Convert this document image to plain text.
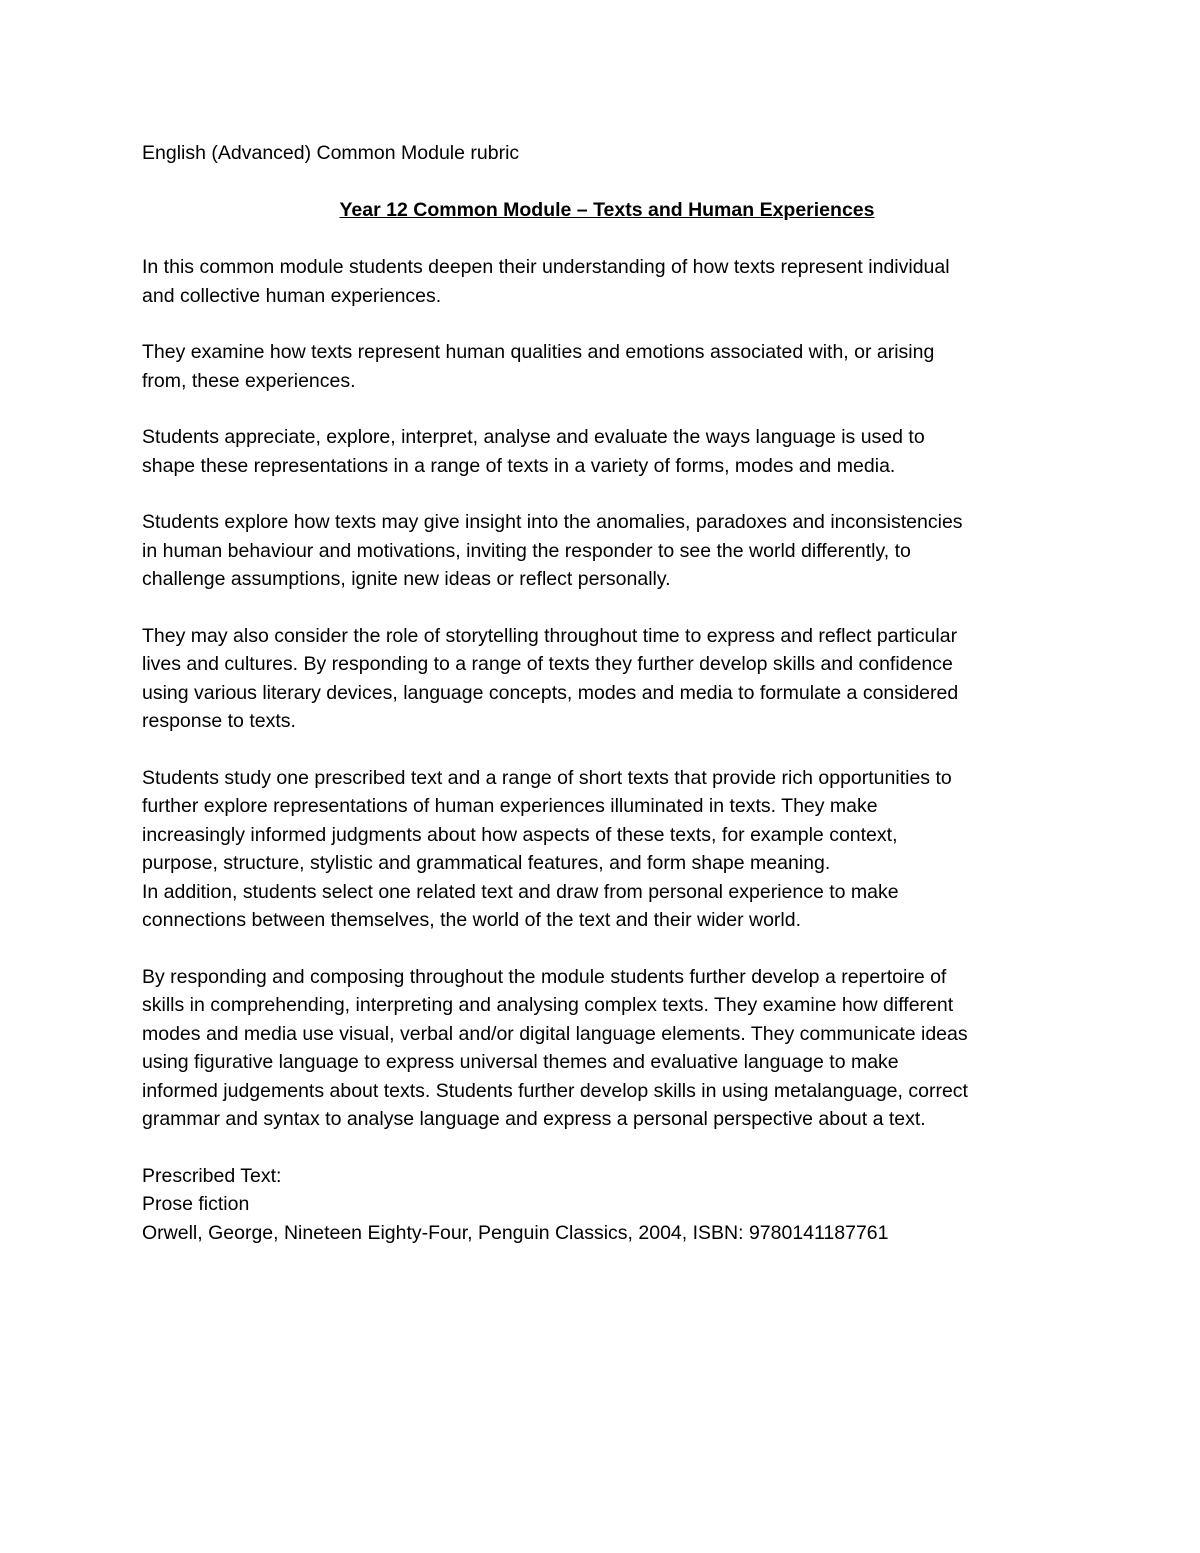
English (Advanced) Common Module rubric
Year 12 Common Module – Texts and Human Experiences
In this common module students deepen their understanding of how texts represent individual
and collective human experiences.
They examine how texts represent human qualities and emotions associated with, or arising
from, these experiences.
Students appreciate, explore, interpret, analyse and evaluate the ways language is used to
shape these representations in a range of texts in a variety of forms, modes and media.
Students explore how texts may give insight into the anomalies, paradoxes and inconsistencies
in human behaviour and motivations, inviting the responder to see the world differently, to
challenge assumptions, ignite new ideas or reflect personally.
They may also consider the role of storytelling throughout time to express and reflect particular
lives and cultures. By responding to a range of texts they further develop skills and confidence
using various literary devices, language concepts, modes and media to formulate a considered
response to texts.
Students study one prescribed text and a range of short texts that provide rich opportunities to
further explore representations of human experiences illuminated in texts. They make
increasingly informed judgments about how aspects of these texts, for example context,
purpose, structure, stylistic and grammatical features, and form shape meaning.
In addition, students select one related text and draw from personal experience to make
connections between themselves, the world of the text and their wider world.
By responding and composing throughout the module students further develop a repertoire of
skills in comprehending, interpreting and analysing complex texts. They examine how different
modes and media use visual, verbal and/or digital language elements. They communicate ideas
using figurative language to express universal themes and evaluative language to make
informed judgements about texts. Students further develop skills in using metalanguage, correct
grammar and syntax to analyse language and express a personal perspective about a text.
Prescribed Text:
Prose fiction
Orwell, George, Nineteen Eighty-Four, Penguin Classics, 2004, ISBN: 9780141187761
